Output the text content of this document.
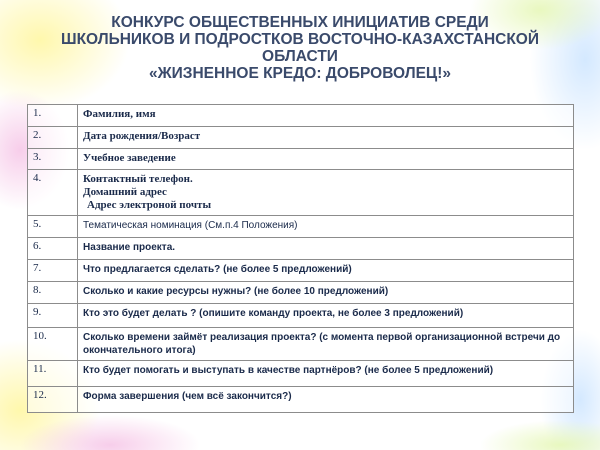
КОНКУРС ОБЩЕСТВЕННЫХ ИНИЦИАТИВ СРЕДИ
ШКОЛЬНИКОВ И ПОДРОСТКОВ ВОСТОЧНО-КАЗАХСТАНСКОЙ
ОБЛАСТИ
«ЖИЗНЕННОЕ КРЕДО: ДОБРОВОЛЕЦ!»
1.	Фамилия, имя

2.	Дата рождения/Возраст

3.	Учебное заведение

4.	Контактный телефон.
Домашний адрес
Адрес электроной почты

5.	Тематическая номинация (См.п.4 Положения)

6.	Название проекта.

7.	Что предлагается сделать? (не более 5 предложений)

8.	Сколько и какие ресурсы нужны? (не более 10 предложений)

9.	Кто это будет делать ? (опишите команду проекта, не более 3 предложений)

10.	Сколько времени займёт реализация проекта? (с момента первой организационной встречи до окончательного итога)

11.	Кто будет помогать и выступать в качестве партнёров? (не более 5 предложений)

12.	Форма завершения (чем всё закончится?)
